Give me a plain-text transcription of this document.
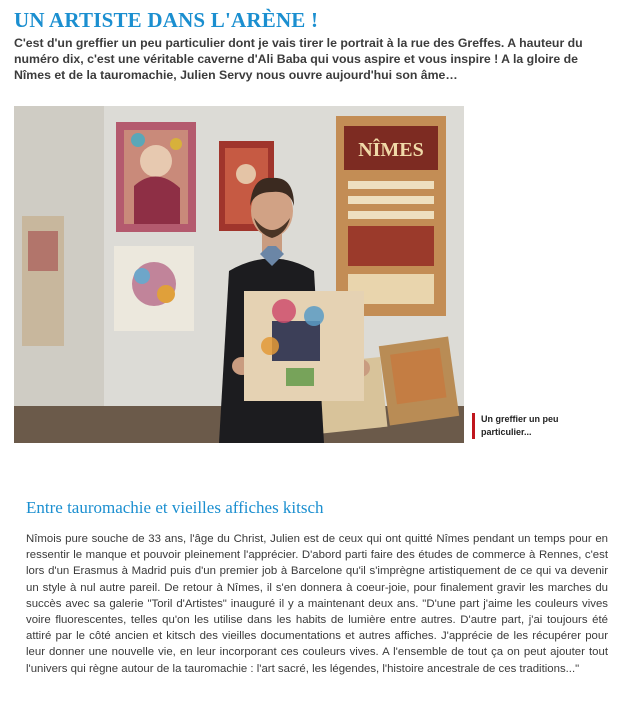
UN ARTISTE DANS L'ARÈNE !

C'est d'un greffier un peu particulier dont je vais tirer le portrait à la rue des Greffes. A hauteur du numéro dix, c'est une véritable caverne d'Ali Baba qui vous aspire et vous inspire ! A la gloire de Nîmes et de la tauromachie, Julien Servy nous ouvre aujourd'hui son âme…

NÎMES
Un greffier un peu particulier...
Entre tauromachie et vieilles affiches kitsch

Nîmois pure souche de 33 ans, l'âge du Christ, Julien est de ceux qui ont quitté Nîmes pendant un temps pour en ressentir le manque et pouvoir pleinement l'apprécier. D'abord parti faire des études de commerce à Rennes, c'est lors d'un Erasmus à Madrid puis d'un premier job à Barcelone qu'il s'imprègne artistiquement de ce qui va devenir un style à nul autre pareil. De retour à Nîmes, il s'en donnera à coeur-joie, pour finalement gravir les marches du succès avec sa galerie "Toril d'Artistes" inauguré il y a maintenant deux ans. "D'une part j'aime les couleurs vives voire fluorescentes, telles qu'on les utilise dans les habits de lumière entre autres. D'autre part, j'ai toujours été attiré par le côté ancien et kitsch des vieilles documentations et autres affiches. J'apprécie de les récupérer pour leur donner une nouvelle vie, en leur incorporant ces couleurs vives. A l'ensemble de tout ça on peut ajouter tout l'univers qui règne autour de la tauromachie : l'art sacré, les légendes, l'histoire ancestrale de ces traditions..."
